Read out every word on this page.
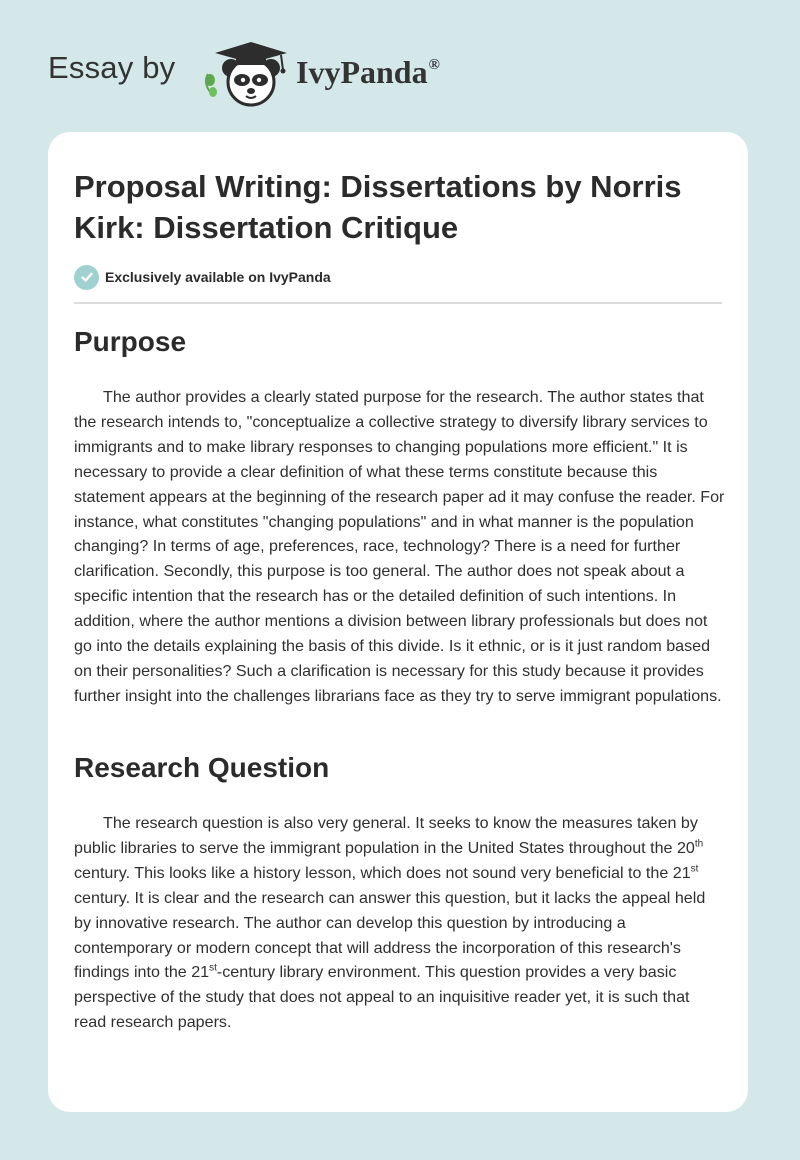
Essay by	IvyPanda®
Proposal Writing: Dissertations by Norris Kirk: Dissertation Critique
Exclusively available on IvyPanda
Purpose

The author provides a clearly stated purpose for the research. The author states that the research intends to, "conceptualize a collective strategy to diversify library services to immigrants and to make library responses to changing populations more efficient." It is necessary to provide a clear definition of what these terms constitute because this statement appears at the beginning of the research paper ad it may confuse the reader. For instance, what constitutes "changing populations" and in what manner is the population changing? In terms of age, preferences, race, technology? There is a need for further clarification. Secondly, this purpose is too general. The author does not speak about a specific intention that the research has or the detailed definition of such intentions. In addition, where the author mentions a division between library professionals but does not go into the details explaining the basis of this divide. Is it ethnic, or is it just random based on their personalities? Such a clarification is necessary for this study because it provides further insight into the challenges librarians face as they try to serve immigrant populations.

Research Question

The research question is also very general. It seeks to know the measures taken by public libraries to serve the immigrant population in the United States throughout the 20th century. This looks like a history lesson, which does not sound very beneficial to the 21st century. It is clear and the research can answer this question, but it lacks the appeal held by innovative research. The author can develop this question by introducing a contemporary or modern concept that will address the incorporation of this research's findings into the 21st-century library environment. This question provides a very basic perspective of the study that does not appeal to an inquisitive reader yet, it is such that read research papers.
